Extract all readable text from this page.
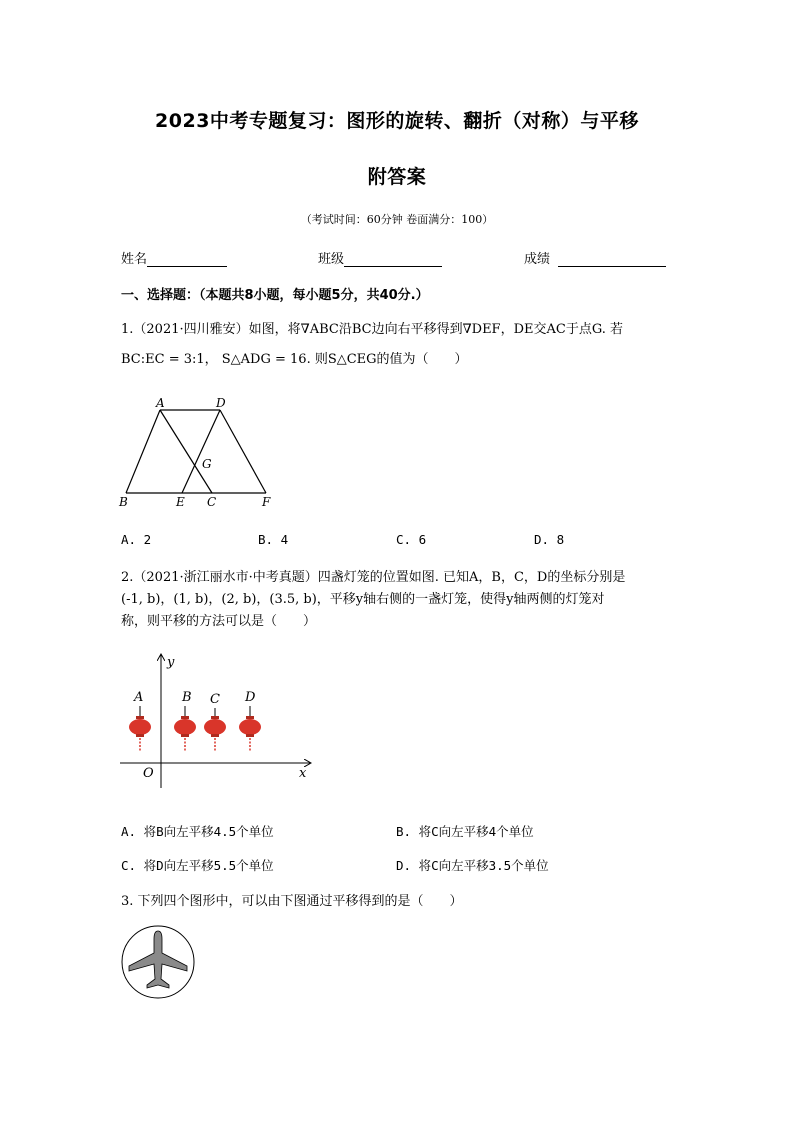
2023中考专题复习：图形的旋转、翻折（对称）与平移
附答案
（考试时间：60分钟 卷面满分：100）
姓名	班级	成绩
一、选择题：（本题共8小题，每小题5分，共40分.）
1.（2021·四川雅安）如图，将∇ABC沿BC边向右平移得到∇DEF，DE交AC于点G. 若
BC:EC = 3:1， S△ADG = 16. 则S△CEG的值为（　　）
A	D
G
B	E C	F
A. 2	B. 4	C. 6	D. 8
2.（2021·浙江丽水市·中考真题）四盏灯笼的位置如图. 已知A，B，C，D的坐标分别是
(-1, b)，(1, b)，(2, b)，(3.5, b)，平移y轴右侧的一盏灯笼，使得y轴两侧的灯笼对
称，则平移的方法可以是（　　）
y
x
O
A	B C D
A. 将B向左平移4.5个单位	B. 将C向左平移4个单位
C. 将D向左平移5.5个单位	D. 将C向左平移3.5个单位
3. 下列四个图形中，可以由下图通过平移得到的是（　　）
